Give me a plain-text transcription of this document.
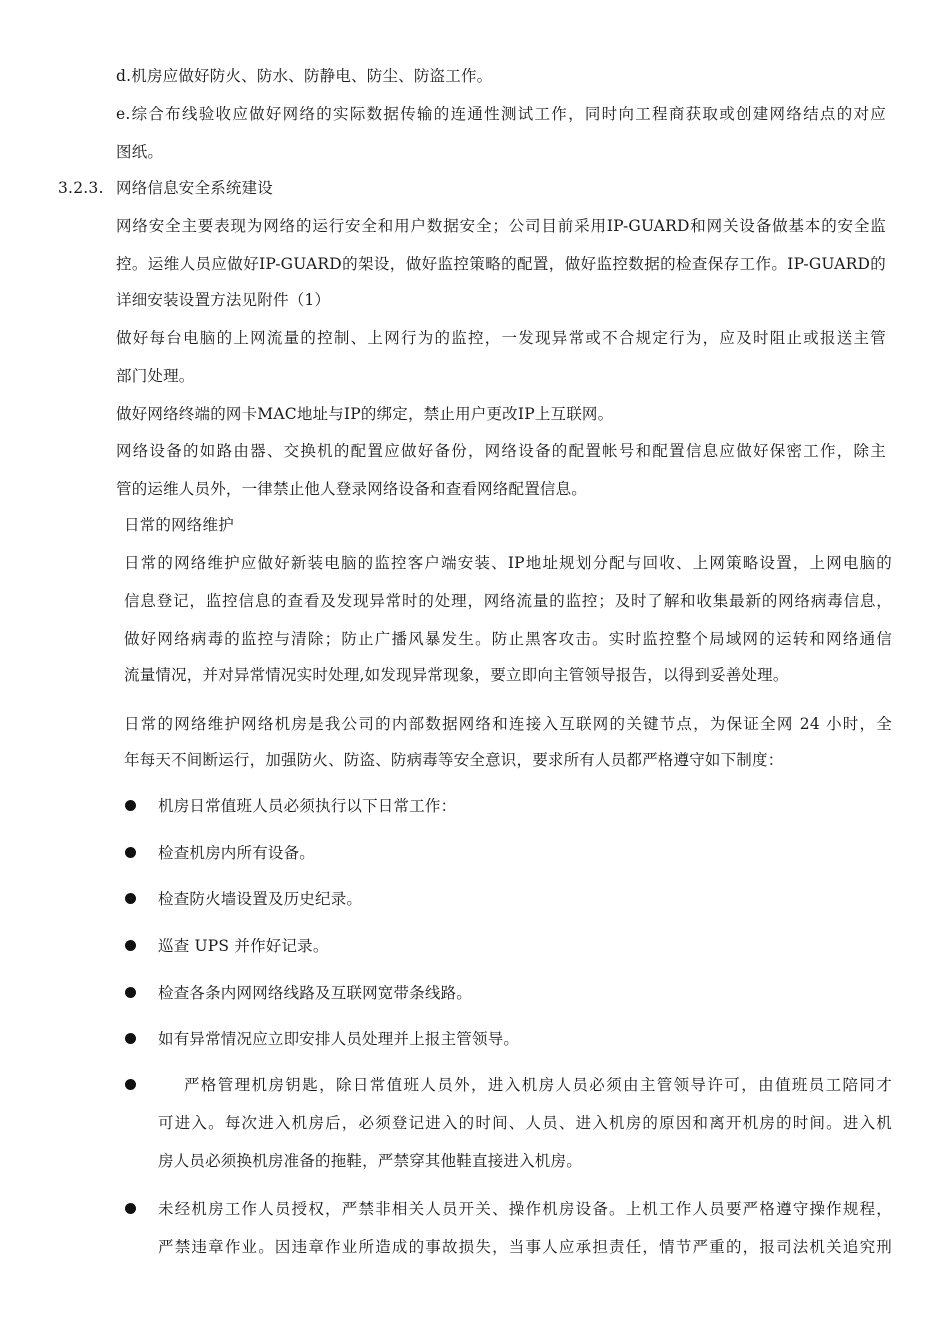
d.机房应做好防火、防水、防静电、防尘、防盗工作。
e.综合布线验收应做好网络的实际数据传输的连通性测试工作，同时向工程商获取或创建网络结点的对应
图纸。
3.2.3. 网络信息安全系统建设
网络安全主要表现为网络的运行安全和用户数据安全；公司目前采用IP-GUARD和网关设备做基本的安全监
控。运维人员应做好IP-GUARD的架设，做好监控策略的配置，做好监控数据的检查保存工作。IP-GUARD的
详细安装设置方法见附件（1）
做好每台电脑的上网流量的控制、上网行为的监控，一发现异常或不合规定行为，应及时阻止或报送主管
部门处理。
做好网络终端的网卡MAC地址与IP的绑定，禁止用户更改IP上互联网。
网络设备的如路由器、交换机的配置应做好备份，网络设备的配置帐号和配置信息应做好保密工作，除主
管的运维人员外，一律禁止他人登录网络设备和查看网络配置信息。
日常的网络维护
日常的网络维护应做好新装电脑的监控客户端安装、IP地址规划分配与回收、上网策略设置，上网电脑的
信息登记，监控信息的查看及发现异常时的处理，网络流量的监控；及时了解和收集最新的网络病毒信息，
做好网络病毒的监控与清除；防止广播风暴发生。防止黑客攻击。实时监控整个局域网的运转和网络通信
流量情况，并对异常情况实时处理,如发现异常现象，要立即向主管领导报告，以得到妥善处理。
日常的网络维护网络机房是我公司的内部数据网络和连接入互联网的关键节点，为保证全网 24 小时，全
年每天不间断运行，加强防火、防盗、防病毒等安全意识，要求所有人员都严格遵守如下制度：
机房日常值班人员必须执行以下日常工作：
检查机房内所有设备。
检查防火墙设置及历史纪录。
巡查 UPS 并作好记录。
检查各条内网网络线路及互联网宽带条线路。
如有异常情况应立即安排人员处理并上报主管领导。
严格管理机房钥匙，除日常值班人员外，进入机房人员必须由主管领导许可，由值班员工陪同才
可进入。每次进入机房后，必须登记进入的时间、人员、进入机房的原因和离开机房的时间。进入机
房人员必须换机房准备的拖鞋，严禁穿其他鞋直接进入机房。
未经机房工作人员授权，严禁非相关人员开关、操作机房设备。上机工作人员要严格遵守操作规程，
严禁违章作业。因违章作业所造成的事故损失，当事人应承担责任，情节严重的，报司法机关追究刑
